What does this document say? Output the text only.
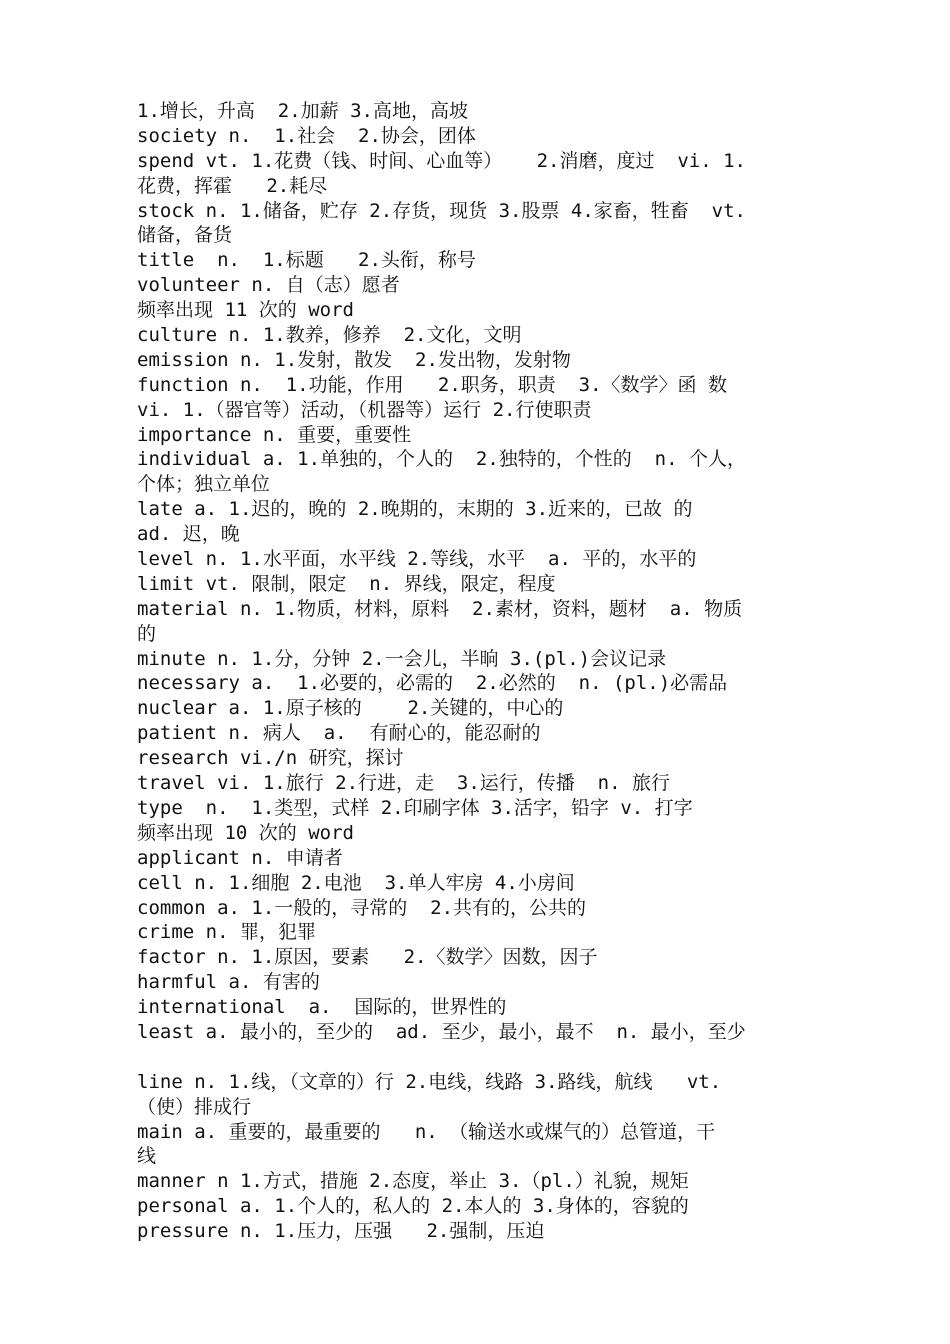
1.增长，升高  2.加薪 3.高地，高坡
society n.  1.社会  2.协会，团体
spend vt. 1.花费（钱、时间、心血等）   2.消磨，度过  vi. 1.
花费，挥霍   2.耗尽
stock n. 1.储备，贮存 2.存货，现货 3.股票 4.家畜，牲畜  vt.
储备，备货
title  n.  1.标题   2.头衔，称号
volunteer n. 自（志）愿者
频率出现 11 次的 word
culture n. 1.教养，修养  2.文化，文明
emission n. 1.发射，散发  2.发出物，发射物
function n.  1.功能，作用   2.职务，职责  3.〈数学〉函 数
vi. 1.（器官等）活动，（机器等）运行 2.行使职责
importance n. 重要，重要性
individual a. 1.单独的，个人的  2.独特的，个性的  n. 个人，
个体；独立单位
late a. 1.迟的，晚的 2.晚期的，末期的 3.近来的，已故 的
ad. 迟，晚
level n. 1.水平面，水平线 2.等线，水平  a. 平的，水平的
limit vt. 限制，限定  n. 界线，限定，程度
material n. 1.物质，材料，原料  2.素材，资料，题材  a. 物质
的
minute n. 1.分，分钟 2.一会儿，半晌 3.(pl.)会议记录
necessary a.  1.必要的，必需的  2.必然的  n. (pl.)必需品
nuclear a. 1.原子核的    2.关键的，中心的
patient n. 病人  a.  有耐心的，能忍耐的
research vi./n 研究，探讨
travel vi. 1.旅行 2.行进，走  3.运行，传播  n. 旅行
type  n.  1.类型，式样 2.印刷字体 3.活字，铅字 v. 打字
频率出现 10 次的 word
applicant n. 申请者
cell n. 1.细胞 2.电池  3.单人牢房 4.小房间
common a. 1.一般的，寻常的  2.共有的，公共的
crime n. 罪，犯罪
factor n. 1.原因，要素   2.〈数学〉因数，因子
harmful a. 有害的
international  a.  国际的，世界性的
least a. 最小的，至少的  ad. 至少，最小，最不  n. 最小，至少
line n. 1.线，（文章的）行 2.电线，线路 3.路线，航线   vt.
（使）排成行
main a. 重要的，最重要的   n. （输送水或煤气的）总管道，干
线
manner n 1.方式，措施 2.态度，举止 3.（pl.）礼貌，规矩
personal a. 1.个人的，私人的 2.本人的 3.身体的，容貌的
pressure n. 1.压力，压强   2.强制，压迫
